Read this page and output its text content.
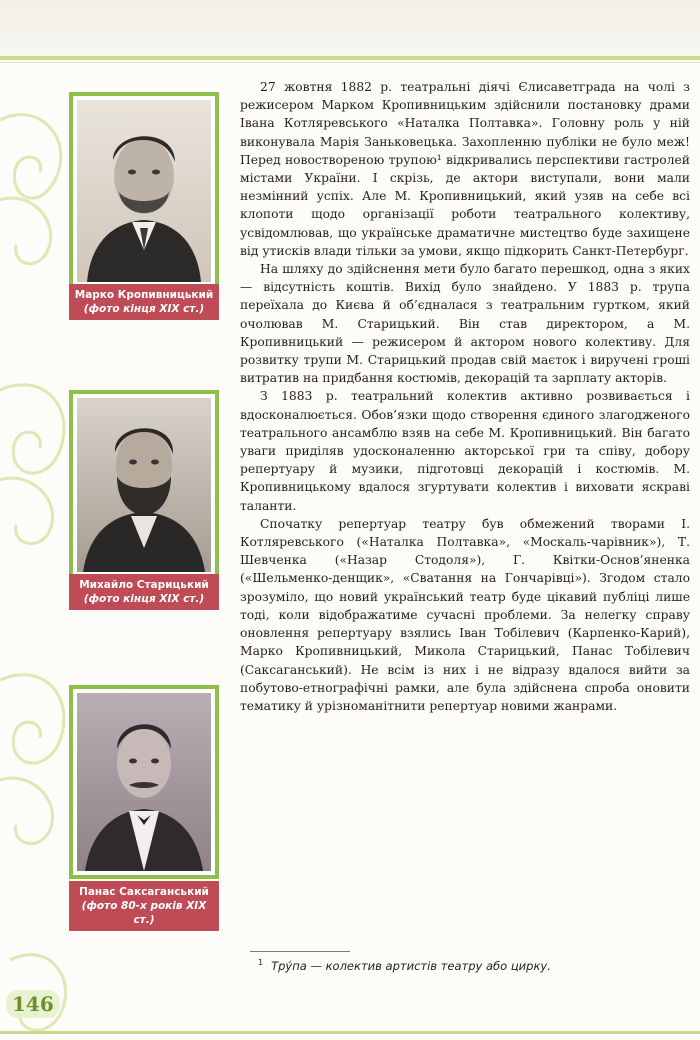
Марко Кропивницький
(фото кінця XIX ст.)
Михайло Старицький
(фото кінця XIX ст.)
Панас Саксаганський
(фото 80-х років XIX ст.)

27 жовтня 1882 р. театральні діячі Єлисаветграда на чолі з режисером Марком Кропивницьким здійснили постановку драми Івана Котляревського «Наталка Полтавка». Головну роль у ній виконувала Марія Заньковецька. Захопленню публіки не було меж! Перед новоствореною трупою¹ відкривались перспективи гастролей містами України. І скрізь, де актори виступали, вони мали незмінний успіх. Але М. Кропивницький, який узяв на себе всі клопоти щодо організації роботи театрального колективу, усвідомлював, що українське драматичне мистецтво буде захищене від утисків влади тільки за умови, якщо підкорить Санкт-Петербург.

На шляху до здійснення мети було багато перешкод, одна з яких — відсутність коштів. Вихід було знайдено. У 1883 р. трупа переїхала до Києва й об’єдналася з театральним гуртком, який очолював М. Старицький. Він став директором, а М. Кропивницький — режисером й актором нового колективу. Для розвитку трупи М. Старицький продав свій маєток і виручені гроші витратив на придбання костюмів, декорацій та зарплату акторів.

З 1883 р. театральний колектив активно розвивається і вдосконалюється. Обов’язки щодо створення єдиного злагодженого театрального ансамблю взяв на себе М. Кропивницький. Він багато уваги приділяв удосконаленню акторської гри та співу, добору репертуару й музики, підготовці декорацій і костюмів. М. Кропивницькому вдалося згуртувати колектив і виховати яскраві таланти.

Спочатку репертуар театру був обмежений творами І. Котляревського («Наталка Полтавка», «Москаль-чарівник»), Т. Шевченка («Назар Стодоля»), Г. Квітки-Основ’яненка («Шельменко-денщик», «Сватання на Гончарівці»). Згодом стало зрозуміло, що новий український театр буде цікавий публіці лише тоді, коли відображатиме сучасні проблеми. За нелегку справу оновлення репертуару взялись Іван Тобілевич (Карпенко-Карий), Марко Кропивницький, Микола Старицький, Панас Тобілевич (Саксаганський). Не всім із них і не відразу вдалося вийти за побутово-етнографічні рамки, але була здійснена спроба оновити тематику й урізноманітнити репертуар новими жанрами.

$^1$ Тру́па — колектив артистів театру або цирку.
146
